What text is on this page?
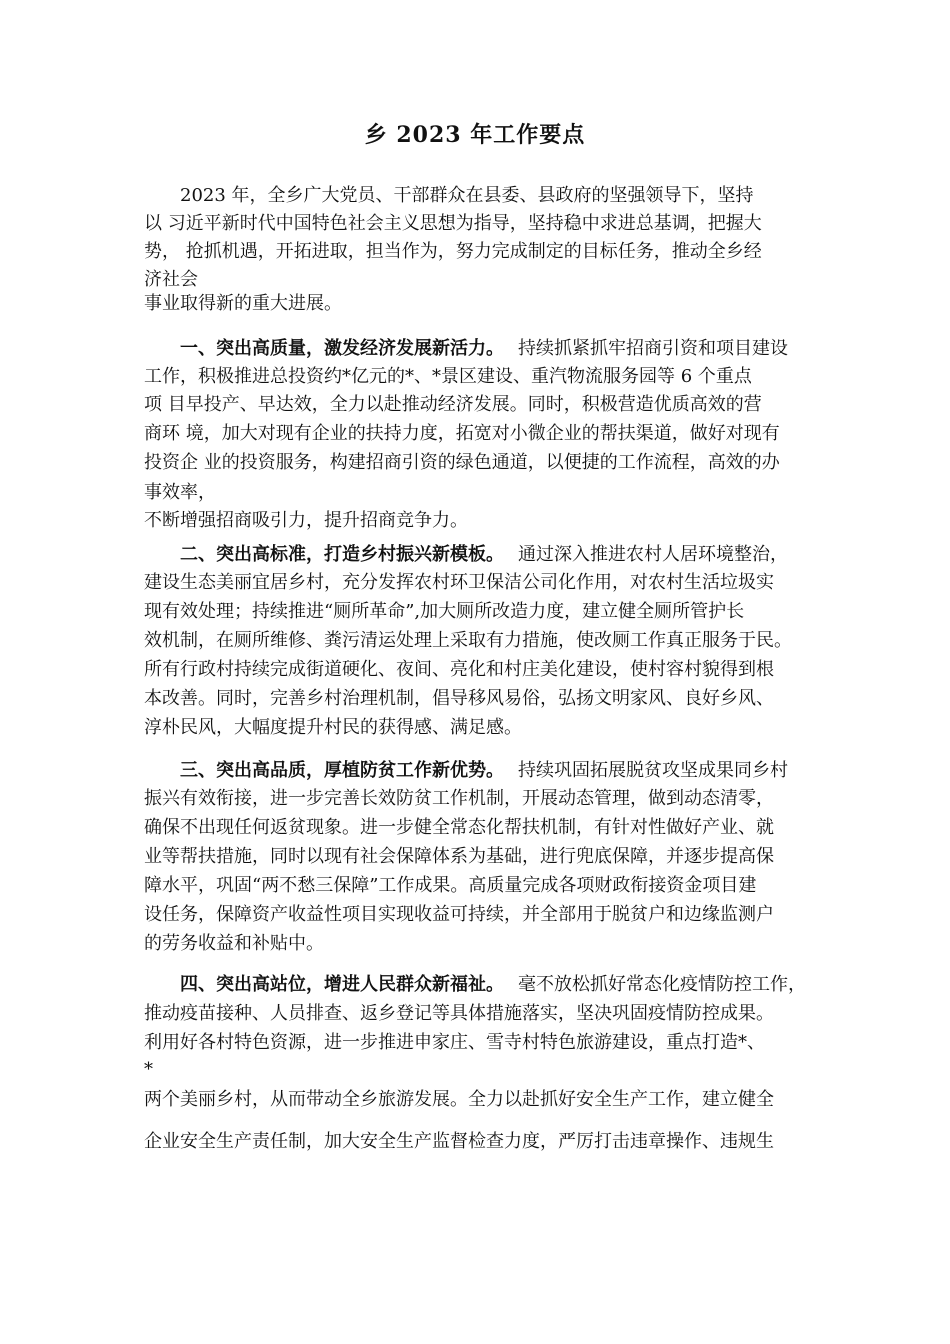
乡 2023 年工作要点
2023 年，全乡广大党员、干部群众在县委、县政府的坚强领导下，坚持
以 习近平新时代中国特色社会主义思想为指导，坚持稳中求进总基调，把握大
势， 抢抓机遇，开拓进取，担当作为，努力完成制定的目标任务，推动全乡经
济社会
事业取得新的重大进展。
一、突出高质量，激发经济发展新活力。 持续抓紧抓牢招商引资和项目建设
工作，积极推进总投资约*亿元的*、*景区建设、重汽物流服务园等 6 个重点
项 目早投产、早达效，全力以赴推动经济发展。同时，积极营造优质高效的营
商环 境，加大对现有企业的扶持力度，拓宽对小微企业的帮扶渠道，做好对现有
投资企 业的投资服务，构建招商引资的绿色通道，以便捷的工作流程，高效的办
事效率，
不断增强招商吸引力，提升招商竞争力。
二、突出高标准，打造乡村振兴新模板。 通过深入推进农村人居环境整治，
建设生态美丽宜居乡村，充分发挥农村环卫保洁公司化作用，对农村生活垃圾实
现有效处理；持续推进“厕所革命”,加大厕所改造力度，建立健全厕所管护长
效机制，在厕所维修、粪污清运处理上采取有力措施，使改厕工作真正服务于民。
所有行政村持续完成街道硬化、夜间、亮化和村庄美化建设，使村容村貌得到根
本改善。同时，完善乡村治理机制，倡导移风易俗，弘扬文明家风、良好乡风、
淳朴民风，大幅度提升村民的获得感、满足感。
三、突出高品质，厚植防贫工作新优势。 持续巩固拓展脱贫攻坚成果同乡村
振兴有效衔接，进一步完善长效防贫工作机制，开展动态管理，做到动态清零，
确保不出现任何返贫现象。进一步健全常态化帮扶机制，有针对性做好产业、就
业等帮扶措施，同时以现有社会保障体系为基础，进行兜底保障，并逐步提高保
障水平，巩固“两不愁三保障”工作成果。高质量完成各项财政衔接资金项目建
设任务，保障资产收益性项目实现收益可持续，并全部用于脱贫户和边缘监测户
的劳务收益和补贴中。
四、突出高站位，增进人民群众新福祉。 毫不放松抓好常态化疫情防控工作，
推动疫苗接种、人员排查、返乡登记等具体措施落实，坚决巩固疫情防控成果。
利用好各村特色资源，进一步推进申家庄、雪寺村特色旅游建设，重点打造*、
*
两个美丽乡村，从而带动全乡旅游发展。全力以赴抓好安全生产工作，建立健全
企业安全生产责任制，加大安全生产监督检查力度，严厉打击违章操作、违规生
